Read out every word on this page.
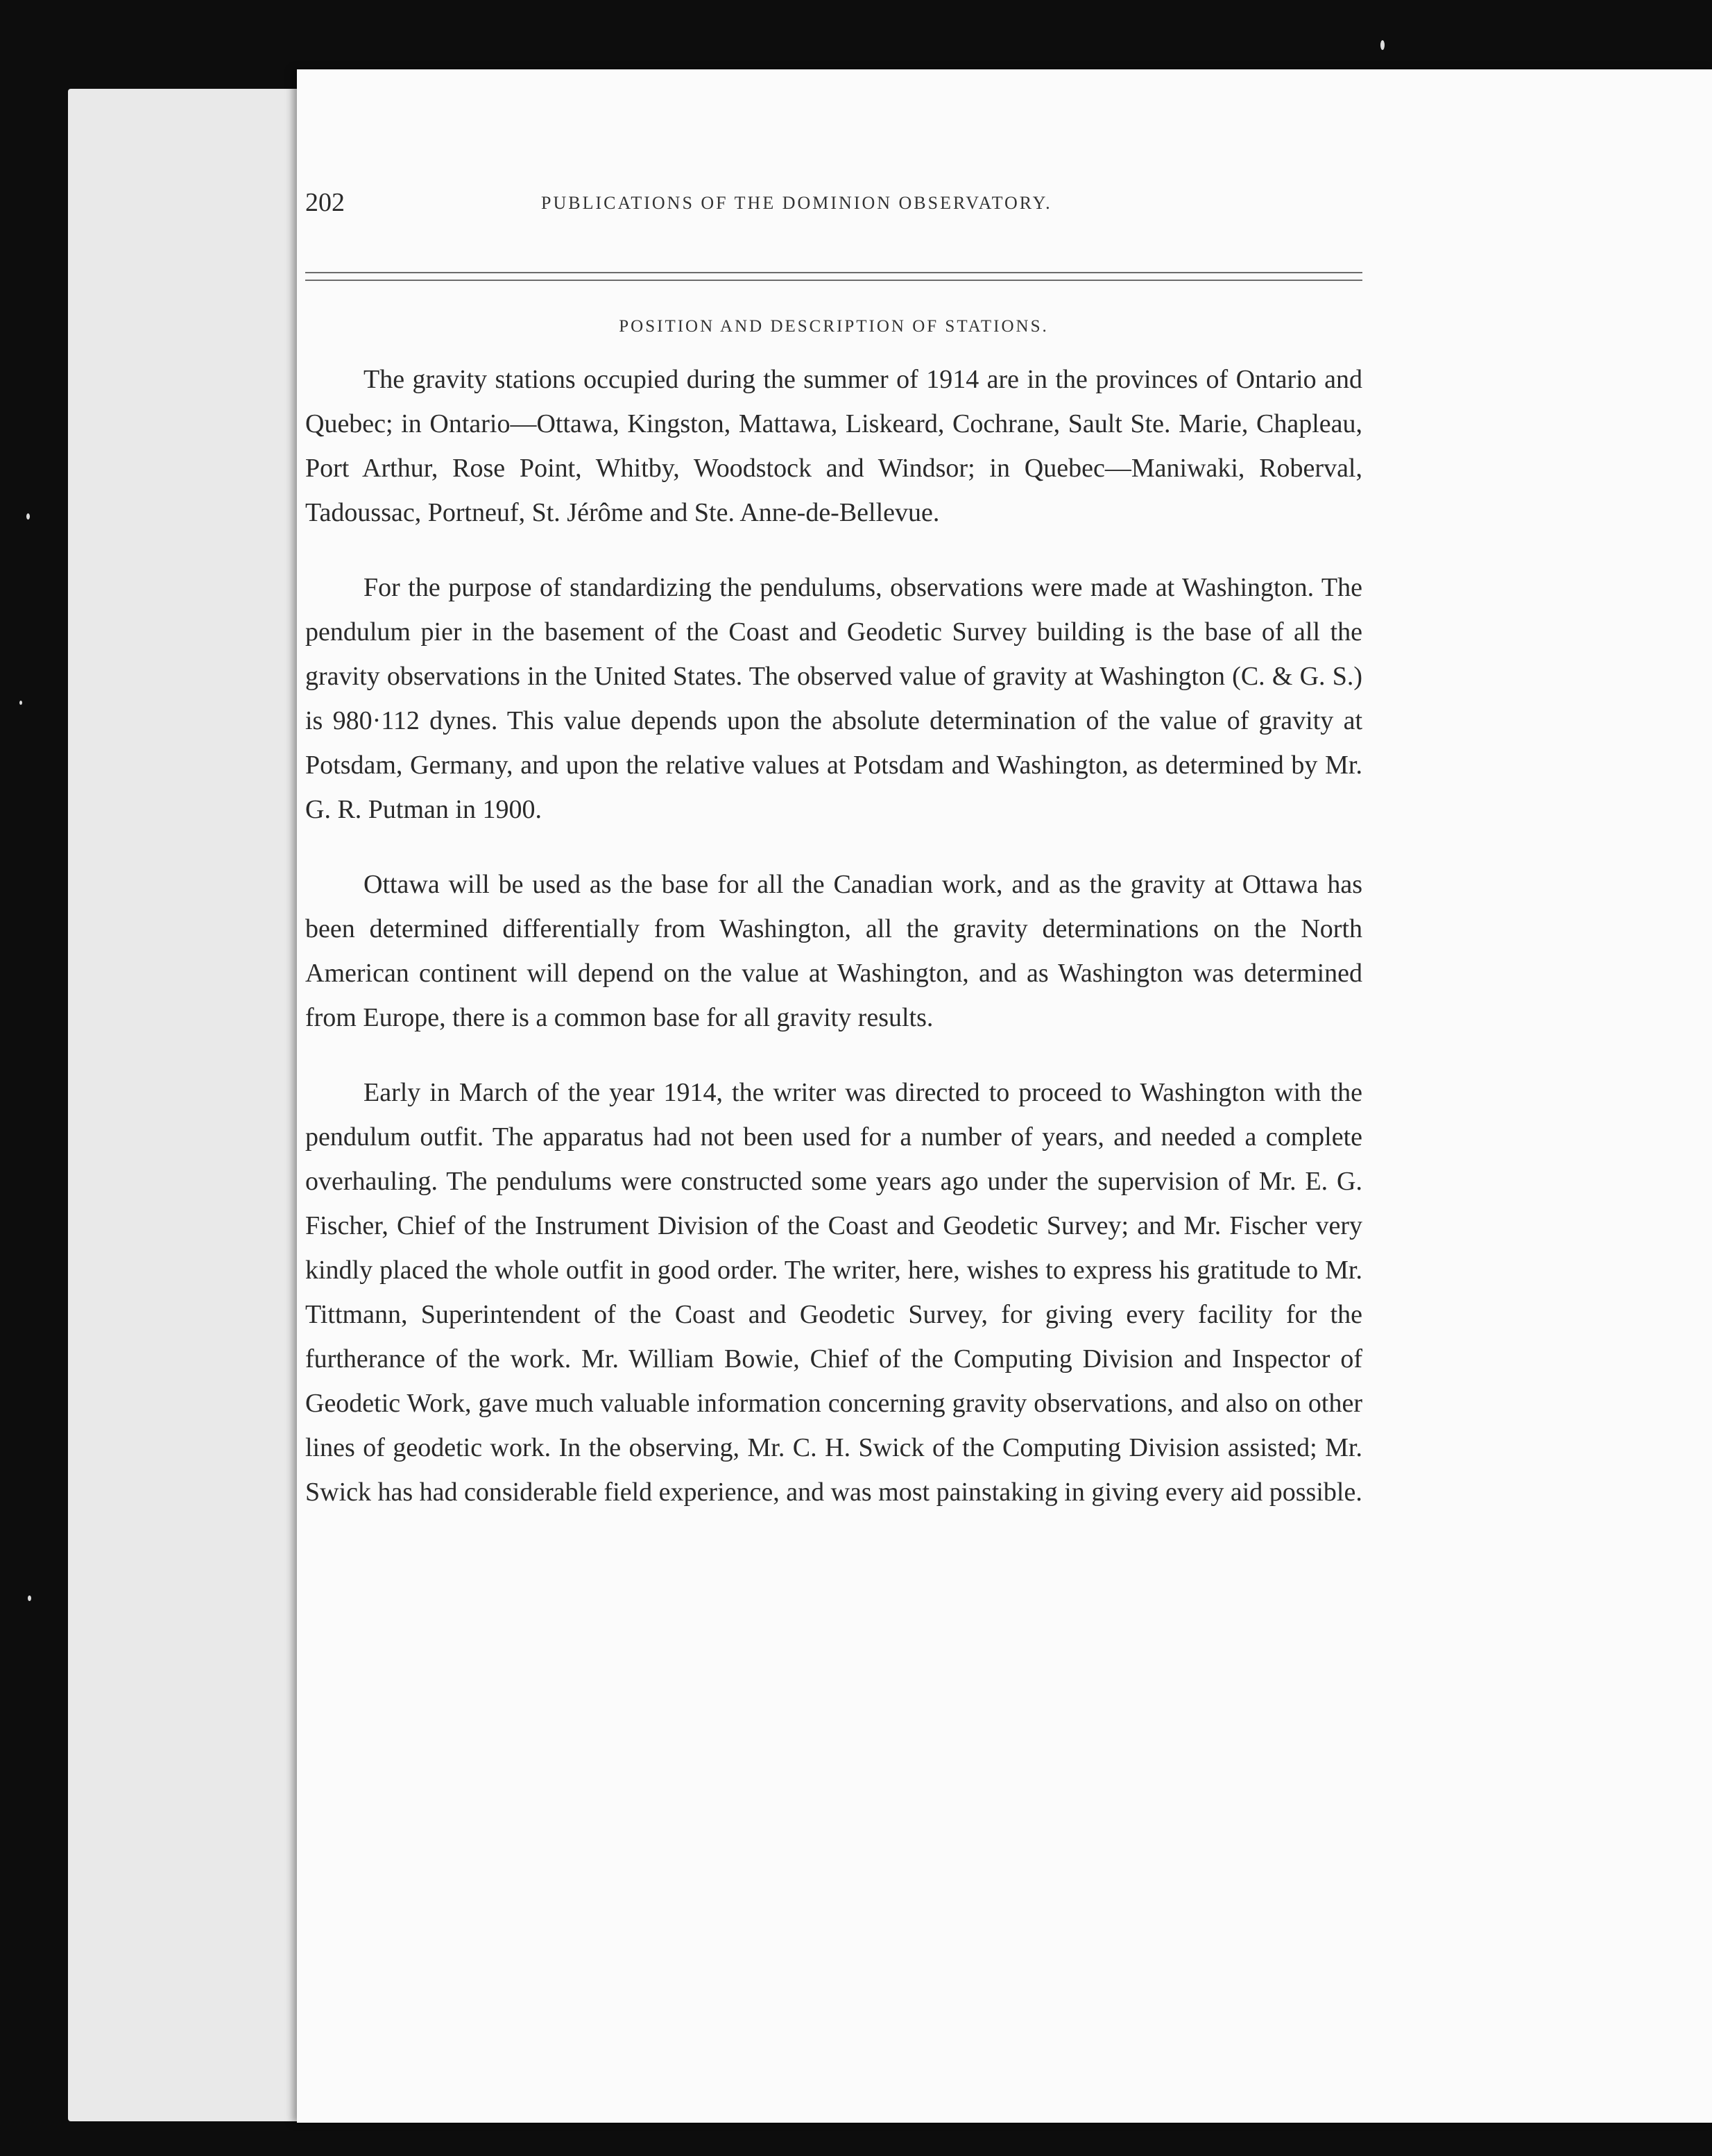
202	PUBLICATIONS OF THE DOMINION OBSERVATORY.
POSITION AND DESCRIPTION OF STATIONS.

The gravity stations occupied during the summer of 1914 are in the provinces of Ontario and Quebec; in Ontario—Ottawa, Kingston, Mattawa, Liskeard, Cochrane, Sault Ste. Marie, Chapleau, Port Arthur, Rose Point, Whitby, Woodstock and Windsor; in Quebec—Maniwaki, Roberval, Tadoussac, Portneuf, St. Jérôme and Ste. Anne-de-Bellevue.

For the purpose of standardizing the pendulums, observations were made at Washington. The pendulum pier in the basement of the Coast and Geodetic Survey building is the base of all the gravity observations in the United States. The observed value of gravity at Washington (C. & G. S.) is 980·112 dynes. This value depends upon the absolute determination of the value of gravity at Potsdam, Germany, and upon the relative values at Potsdam and Washington, as determined by Mr. G. R. Putman in 1900.

Ottawa will be used as the base for all the Canadian work, and as the gravity at Ottawa has been determined differentially from Washington, all the gravity determinations on the North American continent will depend on the value at Washington, and as Washington was determined from Europe, there is a common base for all gravity results.

Early in March of the year 1914, the writer was directed to proceed to Washington with the pendulum outfit. The apparatus had not been used for a number of years, and needed a complete overhauling. The pendulums were constructed some years ago under the supervision of Mr. E. G. Fischer, Chief of the Instrument Division of the Coast and Geodetic Survey; and Mr. Fischer very kindly placed the whole outfit in good order. The writer, here, wishes to express his gratitude to Mr. Tittmann, Superintendent of the Coast and Geodetic Survey, for giving every facility for the furtherance of the work. Mr. William Bowie, Chief of the Computing Division and Inspector of Geodetic Work, gave much valuable information concerning gravity observations, and also on other lines of geodetic work. In the observing, Mr. C. H. Swick of the Computing Division assisted; Mr. Swick has had considerable field experience, and was most painstaking in giving every aid possible.
